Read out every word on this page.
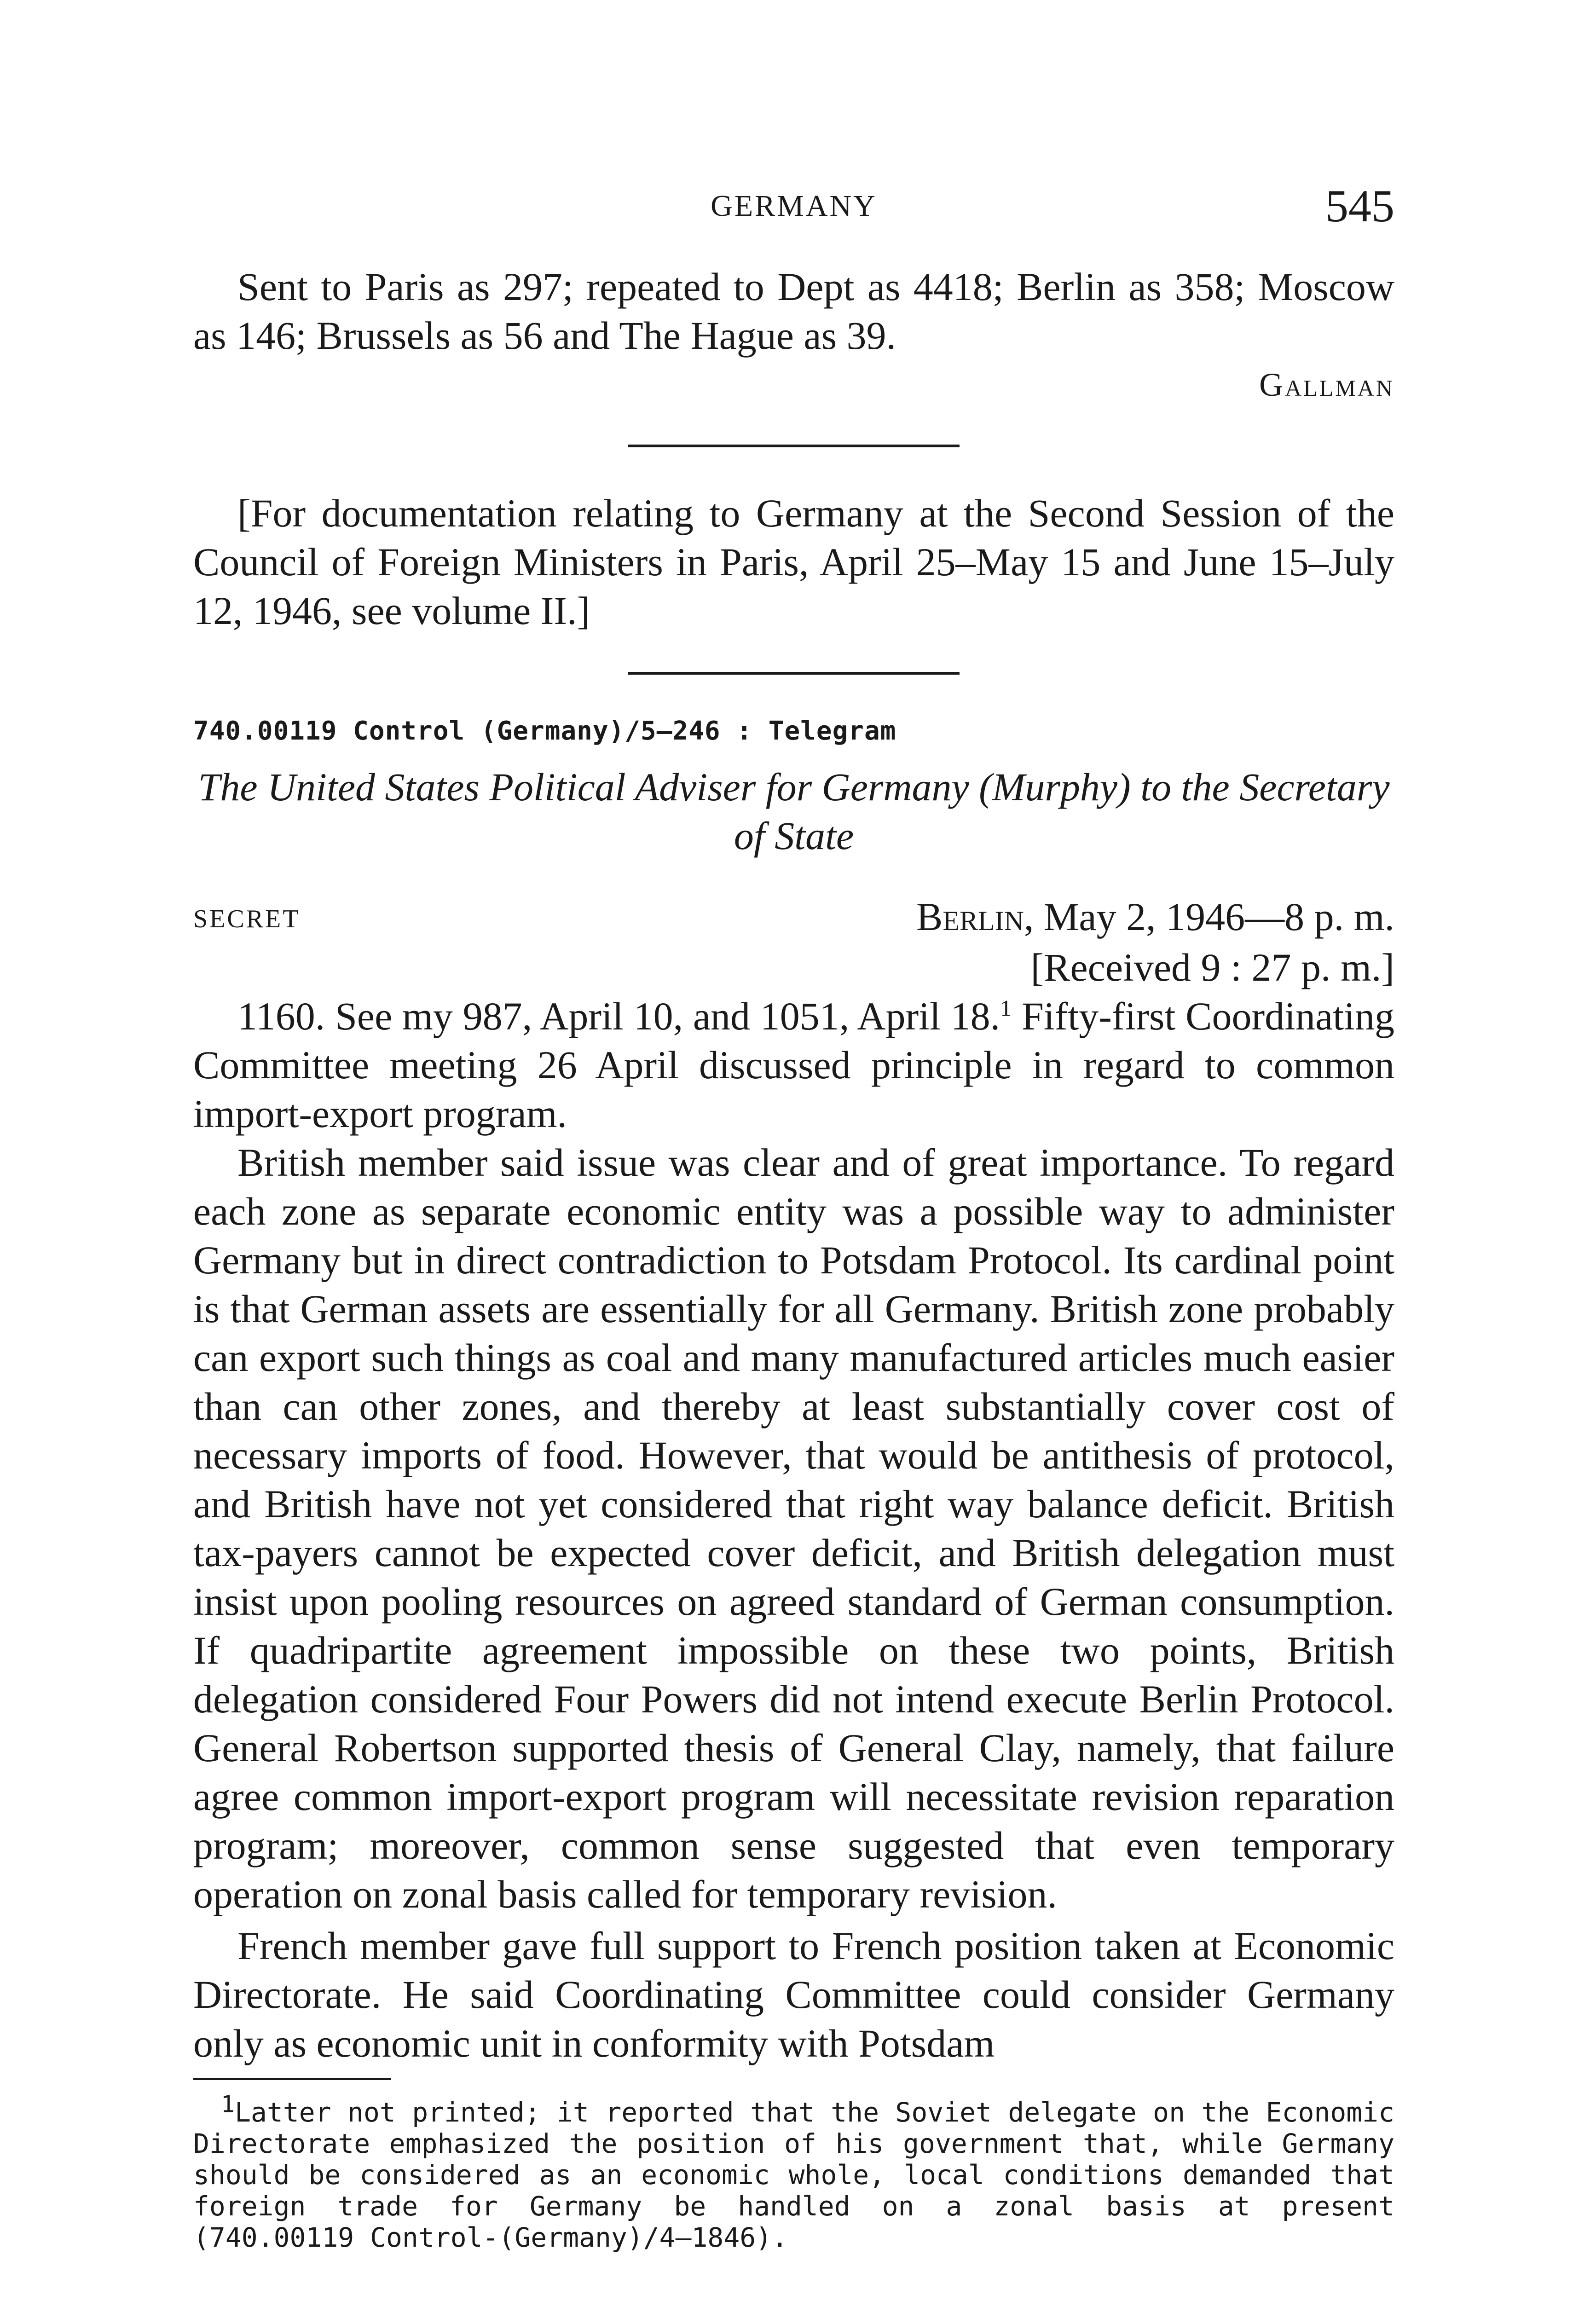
GERMANY	545

Sent to Paris as 297; repeated to Dept as 4418; Berlin as 358; Moscow as 146; Brussels as 56 and The Hague as 39.

Gallman

[For documentation relating to Germany at the Second Session of the Council of Foreign Ministers in Paris, April 25–May 15 and June 15–July 12, 1946, see volume II.]

740.00119 Control (Germany)/5–246 : Telegram
The United States Political Adviser for Germany (Murphy) to the Secretary of State
SECRET	Berlin, May 2, 1946—8 p. m.
[Received 9 : 27 p. m.]

1160. See my 987, April 10, and 1051, April 18.$^1$ Fifty-first Coordinating Committee meeting 26 April discussed principle in regard to common import-export program.

British member said issue was clear and of great importance. To regard each zone as separate economic entity was a possible way to administer Germany but in direct contradiction to Potsdam Protocol. Its cardinal point is that German assets are essentially for all Germany. British zone probably can export such things as coal and many manufactured articles much easier than can other zones, and thereby at least substantially cover cost of necessary imports of food. However, that would be antithesis of protocol, and British have not yet considered that right way balance deficit. British tax-payers cannot be expected cover deficit, and British delegation must insist upon pooling resources on agreed standard of German consumption. If quadripartite agreement impossible on these two points, British delegation considered Four Powers did not intend execute Berlin Protocol. General Robertson supported thesis of General Clay, namely, that failure agree common import-export program will necessitate revision reparation program; moreover, common sense suggested that even temporary operation on zonal basis called for temporary revision.

French member gave full support to French position taken at Economic Directorate. He said Coordinating Committee could consider Germany only as economic unit in conformity with Potsdam

$^1$Latter not printed; it reported that the Soviet delegate on the Economic Directorate emphasized the position of his government that, while Germany should be considered as an economic whole, local conditions demanded that foreign trade for Germany be handled on a zonal basis at present (740.00119 Control-(Germany)/4–1846).
